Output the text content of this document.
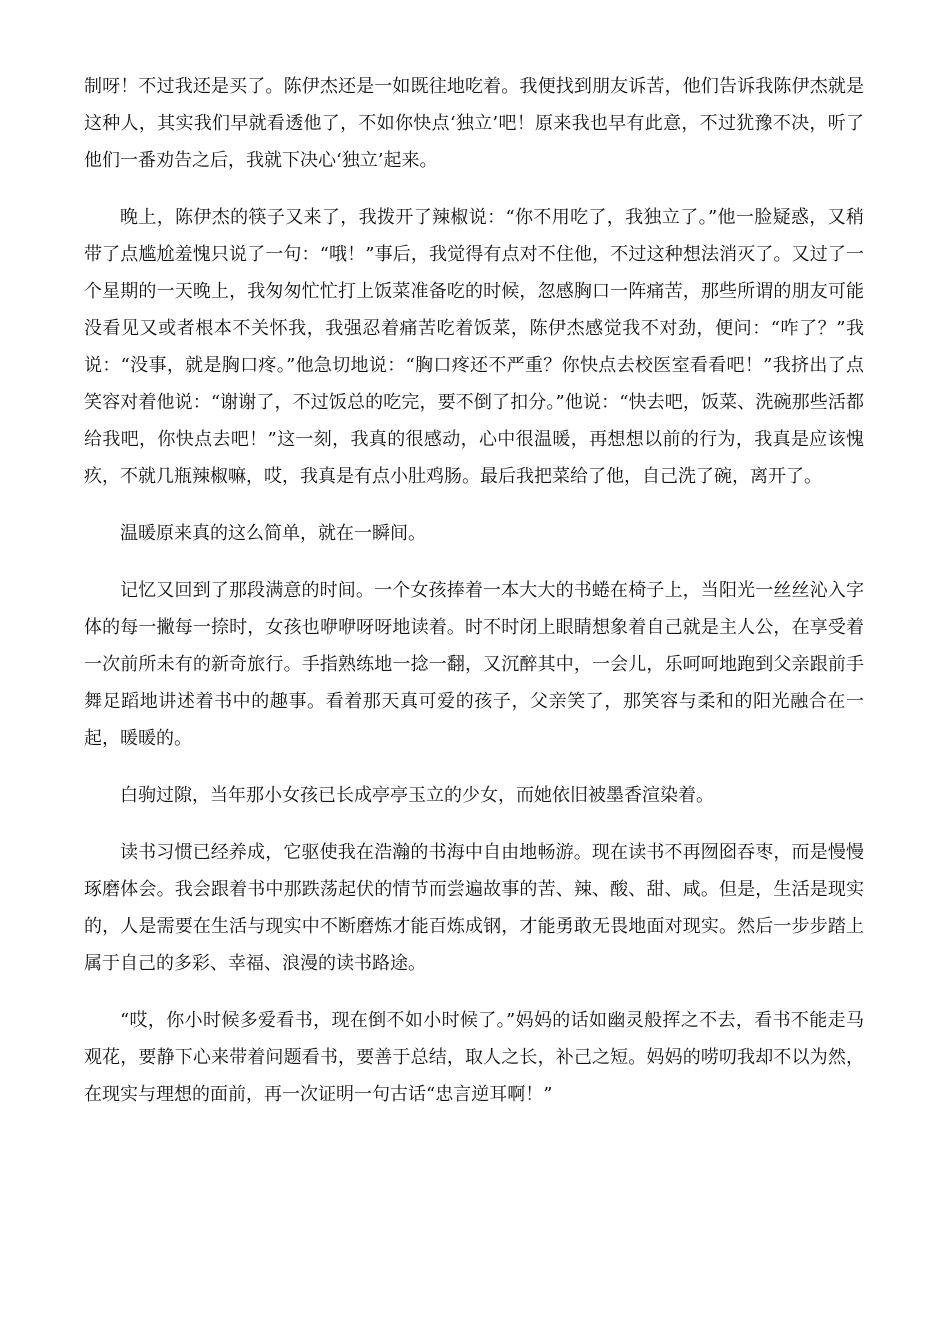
制呀！不过我还是买了。陈伊杰还是一如既往地吃着。我便找到朋友诉苦，他们告诉我陈伊杰就是这种人，其实我们早就看透他了，不如你快点‘独立’吧！原来我也早有此意，不过犹豫不决，听了他们一番劝告之后，我就下决心‘独立’起来。

晚上，陈伊杰的筷子又来了，我拨开了辣椒说：“你不用吃了，我独立了。”他一脸疑惑，又稍带了点尴尬羞愧只说了一句：“哦！”事后，我觉得有点对不住他，不过这种想法消灭了。又过了一个星期的一天晚上，我匆匆忙忙打上饭菜准备吃的时候，忽感胸口一阵痛苦，那些所谓的朋友可能没看见又或者根本不关怀我，我强忍着痛苦吃着饭菜，陈伊杰感觉我不对劲，便问：“咋了？”我说：“没事，就是胸口疼。”他急切地说：“胸口疼还不严重？你快点去校医室看看吧！”我挤出了点笑容对着他说：“谢谢了，不过饭总的吃完，要不倒了扣分。”他说：“快去吧，饭菜、洗碗那些活都给我吧，你快点去吧！”这一刻，我真的很感动，心中很温暖，再想想以前的行为，我真是应该愧疚，不就几瓶辣椒嘛，哎，我真是有点小肚鸡肠。最后我把菜给了他，自己洗了碗，离开了。

温暖原来真的这么简单，就在一瞬间。

记忆又回到了那段满意的时间。一个女孩捧着一本大大的书蜷在椅子上，当阳光一丝丝沁入字体的每一撇每一捺时，女孩也咿咿呀呀地读着。时不时闭上眼睛想象着自己就是主人公，在享受着一次前所未有的新奇旅行。手指熟练地一捻一翻，又沉醉其中，一会儿，乐呵呵地跑到父亲跟前手舞足蹈地讲述着书中的趣事。看着那天真可爱的孩子，父亲笑了，那笑容与柔和的阳光融合在一起，暖暖的。

白驹过隙，当年那小女孩已长成亭亭玉立的少女，而她依旧被墨香渲染着。

读书习惯已经养成，它驱使我在浩瀚的书海中自由地畅游。现在读书不再囫囵吞枣，而是慢慢琢磨体会。我会跟着书中那跌荡起伏的情节而尝遍故事的苦、辣、酸、甜、咸。但是，生活是现实的，人是需要在生活与现实中不断磨炼才能百炼成钢，才能勇敢无畏地面对现实。然后一步步踏上属于自己的多彩、幸福、浪漫的读书路途。

“哎，你小时候多爱看书，现在倒不如小时候了。”妈妈的话如幽灵般挥之不去，看书不能走马观花，要静下心来带着问题看书，要善于总结，取人之长，补己之短。妈妈的唠叨我却不以为然，在现实与理想的面前，再一次证明一句古话“忠言逆耳啊！”
